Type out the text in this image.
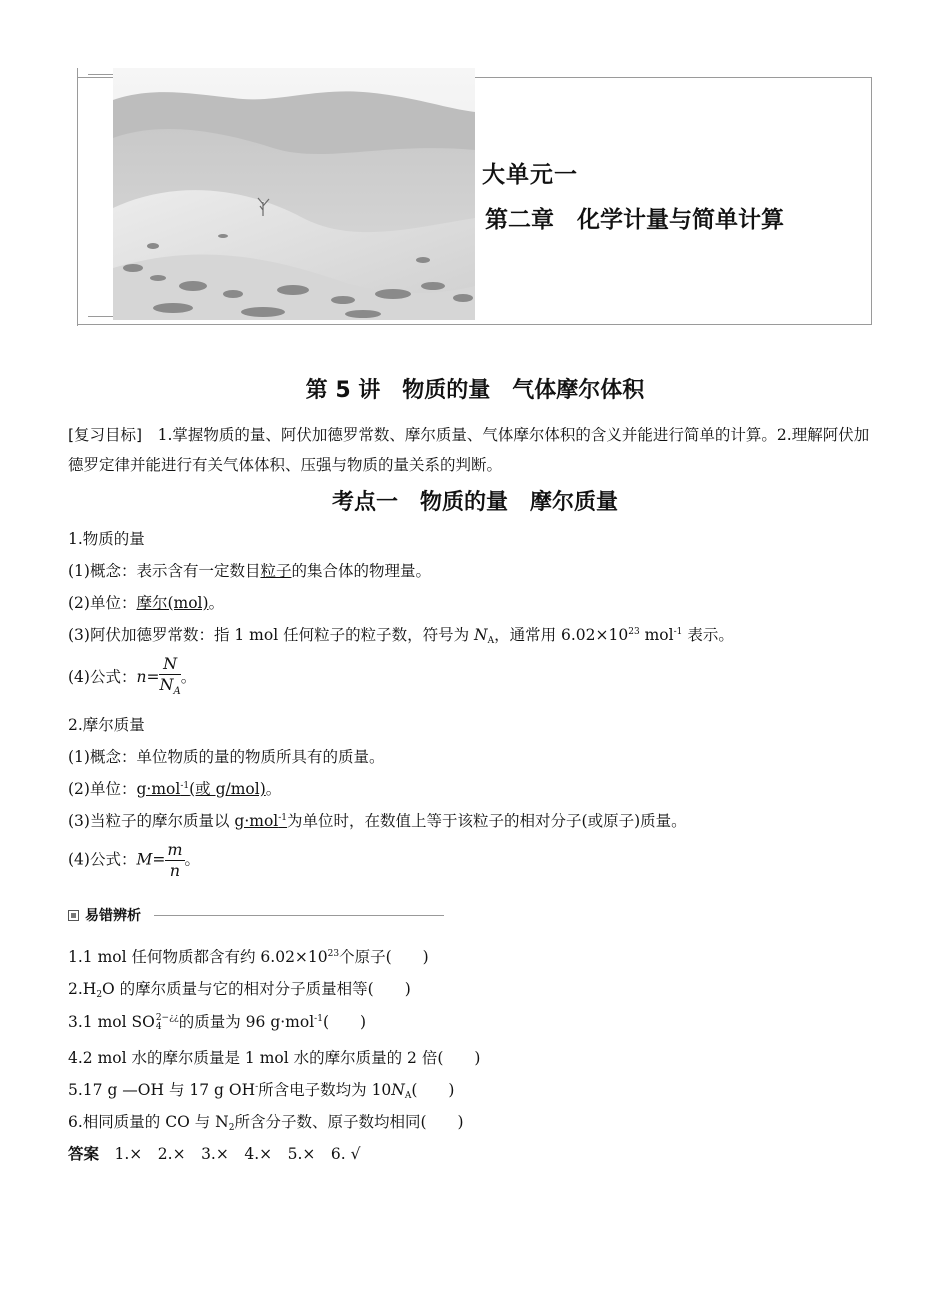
大单元一
第二章　化学计量与简单计算
第 5 讲　物质的量　气体摩尔体积
[复习目标]　1.掌握物质的量、阿伏加德罗常数、摩尔质量、气体摩尔体积的含义并能进行简单的计算。2.理解阿伏加德罗定律并能进行有关气体体积、压强与物质的量关系的判断。
考点一　物质的量　摩尔质量
1.物质的量
(1)概念：表示含有一定数目粒子的集合体的物理量。
(2)单位：摩尔(mol)。
(3)阿伏加德罗常数：指 1 mol 任何粒子的粒子数，符号为 $N_A$，通常用 $6.02\times 10^{23}$ mol$^{-1}$ 表示。
(4)公式：$n= \frac{N}{N_A}$ 。
2.摩尔质量
(1)概念：单位物质的量的物质所具有的质量。
(2)单位：g·mol$^{-1}$(或 g/mol)。
(3)当粒子的摩尔质量以 g·mol$^{-1}$为单位时，在数值上等于该粒子的相对分子(或原子)质量。
(4)公式：$M= \frac{m}{n}$ 。
易错辨析
1.1 mol 任何物质都含有约 $6.02\times 10^{23}$个原子(　　)
$2.H_2O$ 的摩尔质量与它的相对分子质量相等(　　)
3.1 mol SO 2−¿¿
4	的质量为 96 g·mol$^{-1}$(　　)
4.2 mol 水的摩尔质量是 1 mol 水的摩尔质量的 2 倍(　　)
5.17 g —OH 与 17 g OH-所含电子数均为 $10N_A$(　　)
6.相同质量的 CO 与 $N_2$所含分子数、原子数均相同(　　)
答案　1.×　2.×　3.×　4.×　5.×　6. √
